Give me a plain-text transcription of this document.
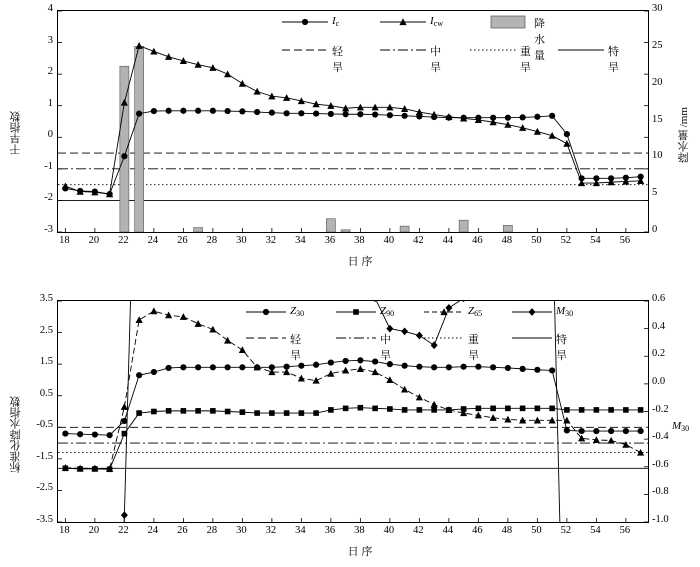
干旱指数	降水量 /mm
18	20	22	24	26	28	30	32	34	36	38	40	42	44	46	48	50	52	54	56
4
3
2
1
0
-1
-2
-3
30
25
20
15
10
5
0
日 序
$I_c$	$I_{cw}$	降水量
轻旱
中旱
重旱
特旱
标准化降水指数	$M_{30}$
18	20	22	24	26	28	30	32	34	36	38	40	42	44	46	48	50	52	54	56
3.5
2.5
1.5
0.5
-0.5
-1.5
-2.5
-3.5
0.6
0.4
0.2
0.0
-0.2
-0.4
-0.6
-0.8
-1.0
日 序
$Z_{30}$	$Z_{90}$	$Z_{65}$	$M_{30}$
轻旱
中旱
重旱
特旱
